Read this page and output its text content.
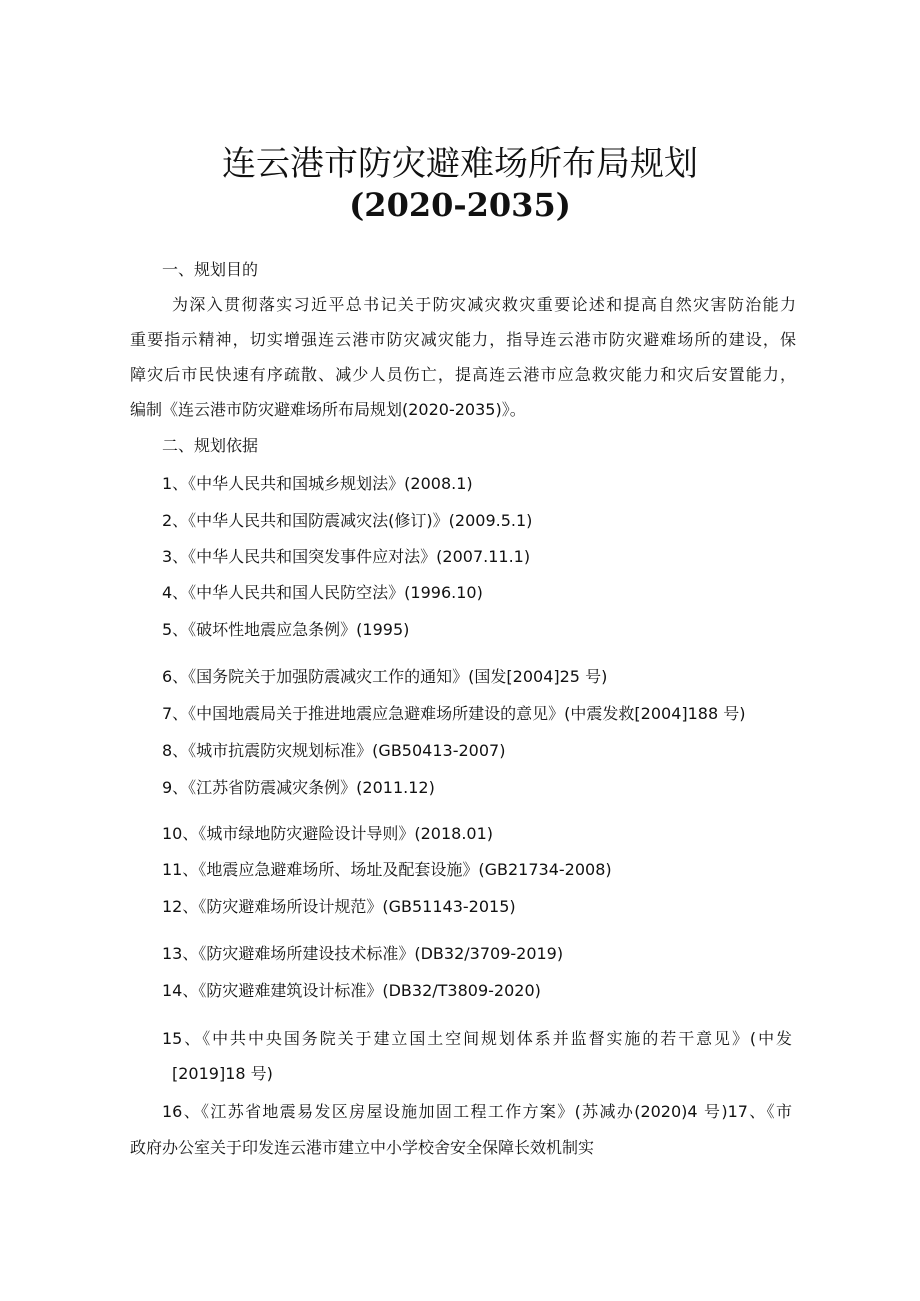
连云港市防灾避难场所布局规划
(2020-2035)
一、规划目的
为深入贯彻落实习近平总书记关于防灾减灾救灾重要论述和提高自然灾害防治能力
重要指示精神，切实增强连云港市防灾减灾能力，指导连云港市防灾避难场所的建设，保
障灾后市民快速有序疏散、减少人员伤亡，提高连云港市应急救灾能力和灾后安置能力，
编制《连云港市防灾避难场所布局规划(2020-2035)》。
二、规划依据
1、《中华人民共和国城乡规划法》(2008.1)
2、《中华人民共和国防震减灾法(修订)》(2009.5.1)
3、《中华人民共和国突发事件应对法》(2007.11.1)
4、《中华人民共和国人民防空法》(1996.10)
5、《破坏性地震应急条例》(1995)
6、《国务院关于加强防震减灾工作的通知》(国发[2004]25 号)
7、《中国地震局关于推进地震应急避难场所建设的意见》(中震发救[2004]188 号)
8、《城市抗震防灾规划标准》(GB50413-2007)
9、《江苏省防震减灾条例》(2011.12)
10、《城市绿地防灾避险设计导则》(2018.01)
11、《地震应急避难场所、场址及配套设施》(GB21734-2008)
12、《防灾避难场所设计规范》(GB51143-2015)
13、《防灾避难场所建设技术标准》(DB32/3709-2019)
14、《防灾避难建筑设计标准》(DB32/T3809-2020)
15、《中共中央国务院关于建立国土空间规划体系并监督实施的若干意见》(中发
[2019]18 号)
16、《江苏省地震易发区房屋设施加固工程工作方案》(苏减办(2020)4 号)17、《市
政府办公室关于印发连云港市建立中小学校舍安全保障长效机制实
